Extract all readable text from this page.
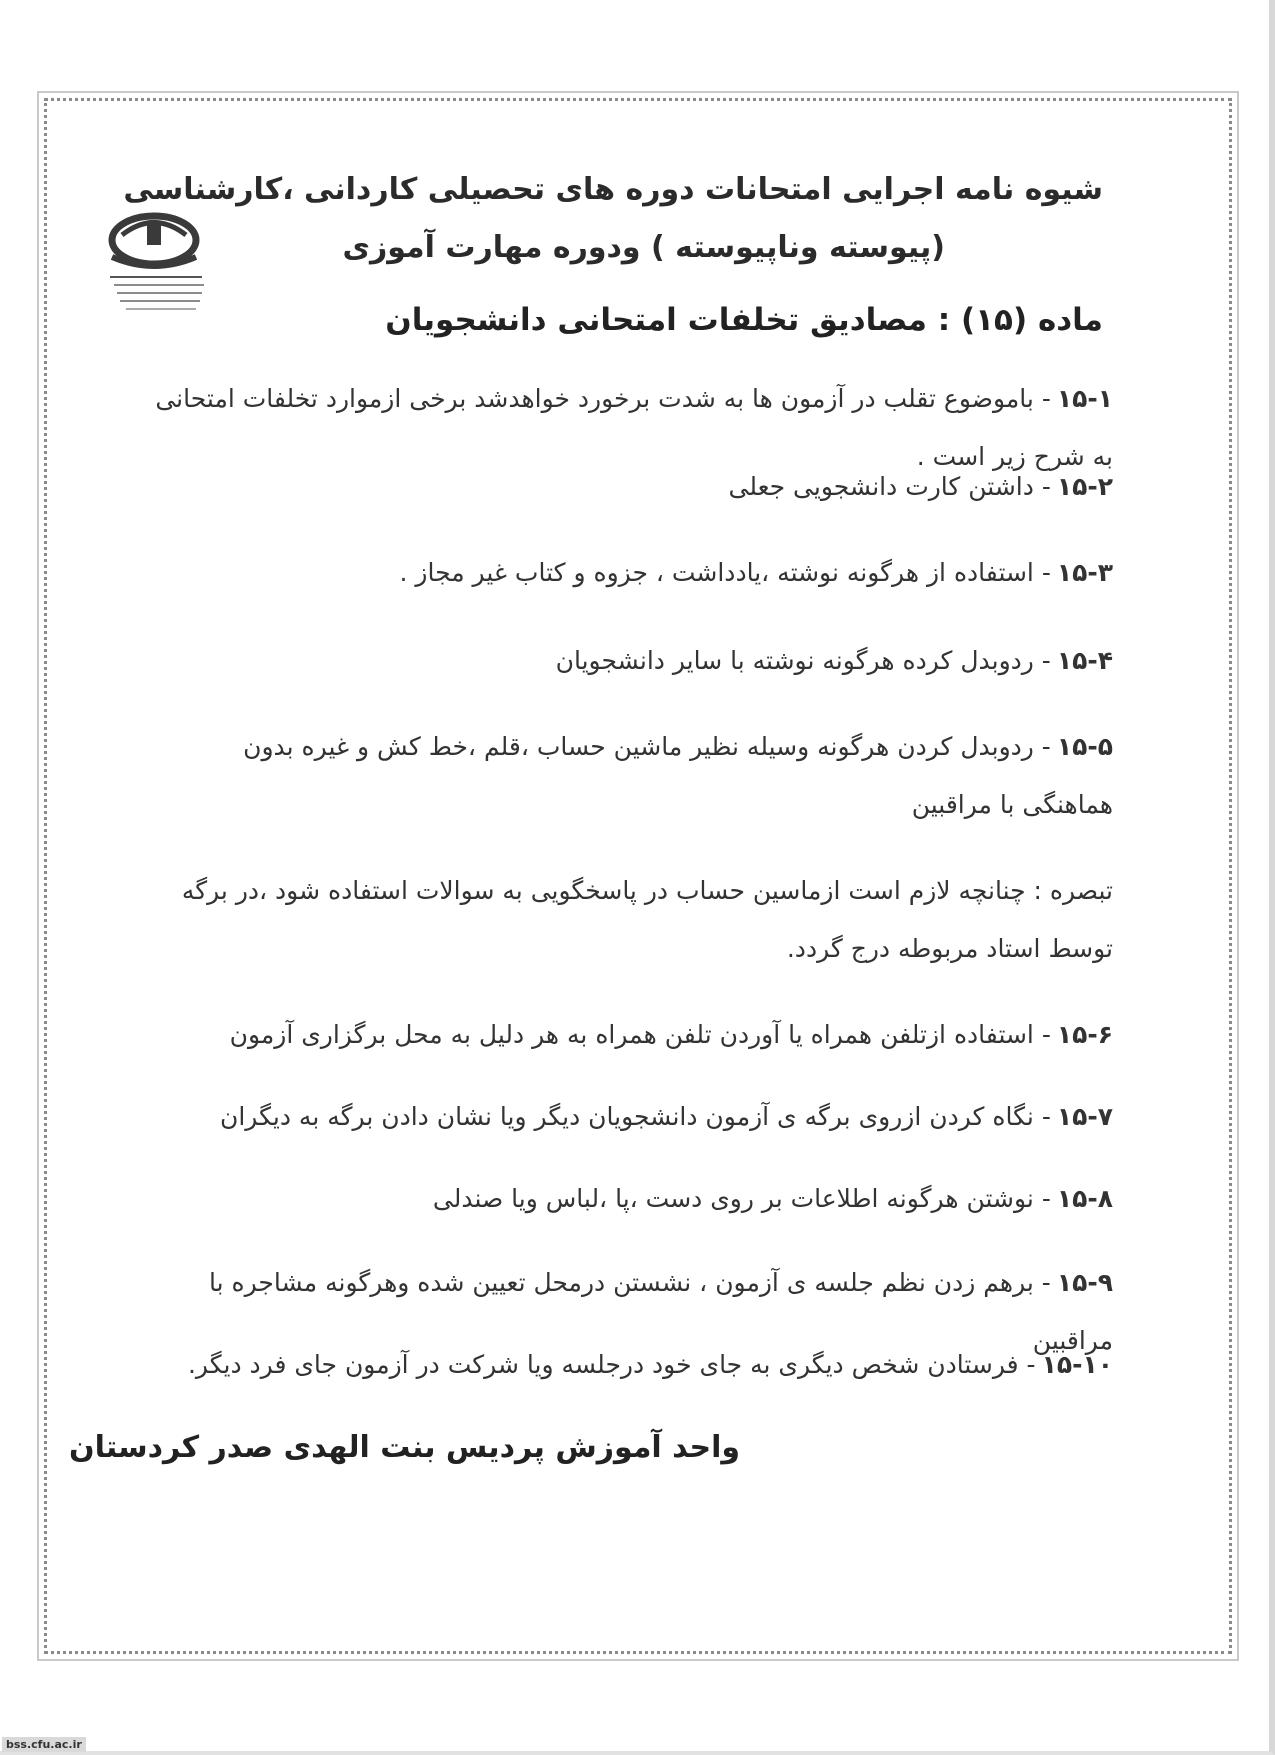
شیوه نامه اجرایی امتحانات دوره های تحصیلی کاردانی ،کارشناسی
(پیوسته وناپیوسته ) ودوره مهارت آموزی
ماده (۱۵) : مصادیق تخلفات امتحانی دانشجویان
۱۵-۱- باموضوع تقلب در آزمون ها به شدت برخورد خواهدشد برخی ازموارد تخلفات امتحانی به شرح زیر است .
۱۵-۲- داشتن کارت دانشجویی جعلی
۱۵-۳- استفاده از هرگونه نوشته ،یادداشت ، جزوه و کتاب غیر مجاز .
۱۵-۴- ردوبدل کرده هرگونه نوشته با سایر دانشجویان
۱۵-۵- ردوبدل کردن هرگونه وسیله نظیر ماشین حساب ،قلم ،خط کش و غیره بدون هماهنگی با مراقبین
تبصره : چنانچه لازم است ازماسین حساب در پاسخگویی به سوالات استفاده شود ،در برگه توسط استاد مربوطه درج گردد.
۱۵-۶- استفاده ازتلفن همراه یا آوردن تلفن همراه به هر دلیل به محل برگزاری آزمون
۱۵-۷- نگاه کردن ازروی برگه ی آزمون دانشجویان دیگر ویا نشان دادن برگه به دیگران
۱۵-۸- نوشتن هرگونه اطلاعات بر روی دست ،پا ،لباس ویا صندلی
۱۵-۹- برهم زدن نظم جلسه ی آزمون ، نشستن درمحل تعیین شده وهرگونه مشاجره با مراقبین
۱۵-۱۰- فرستادن شخص دیگری به جای خود درجلسه ویا شرکت در آزمون جای فرد دیگر.
واحد آموزش پردیس بنت الهدی صدر کردستان
bss.cfu.ac.ir
